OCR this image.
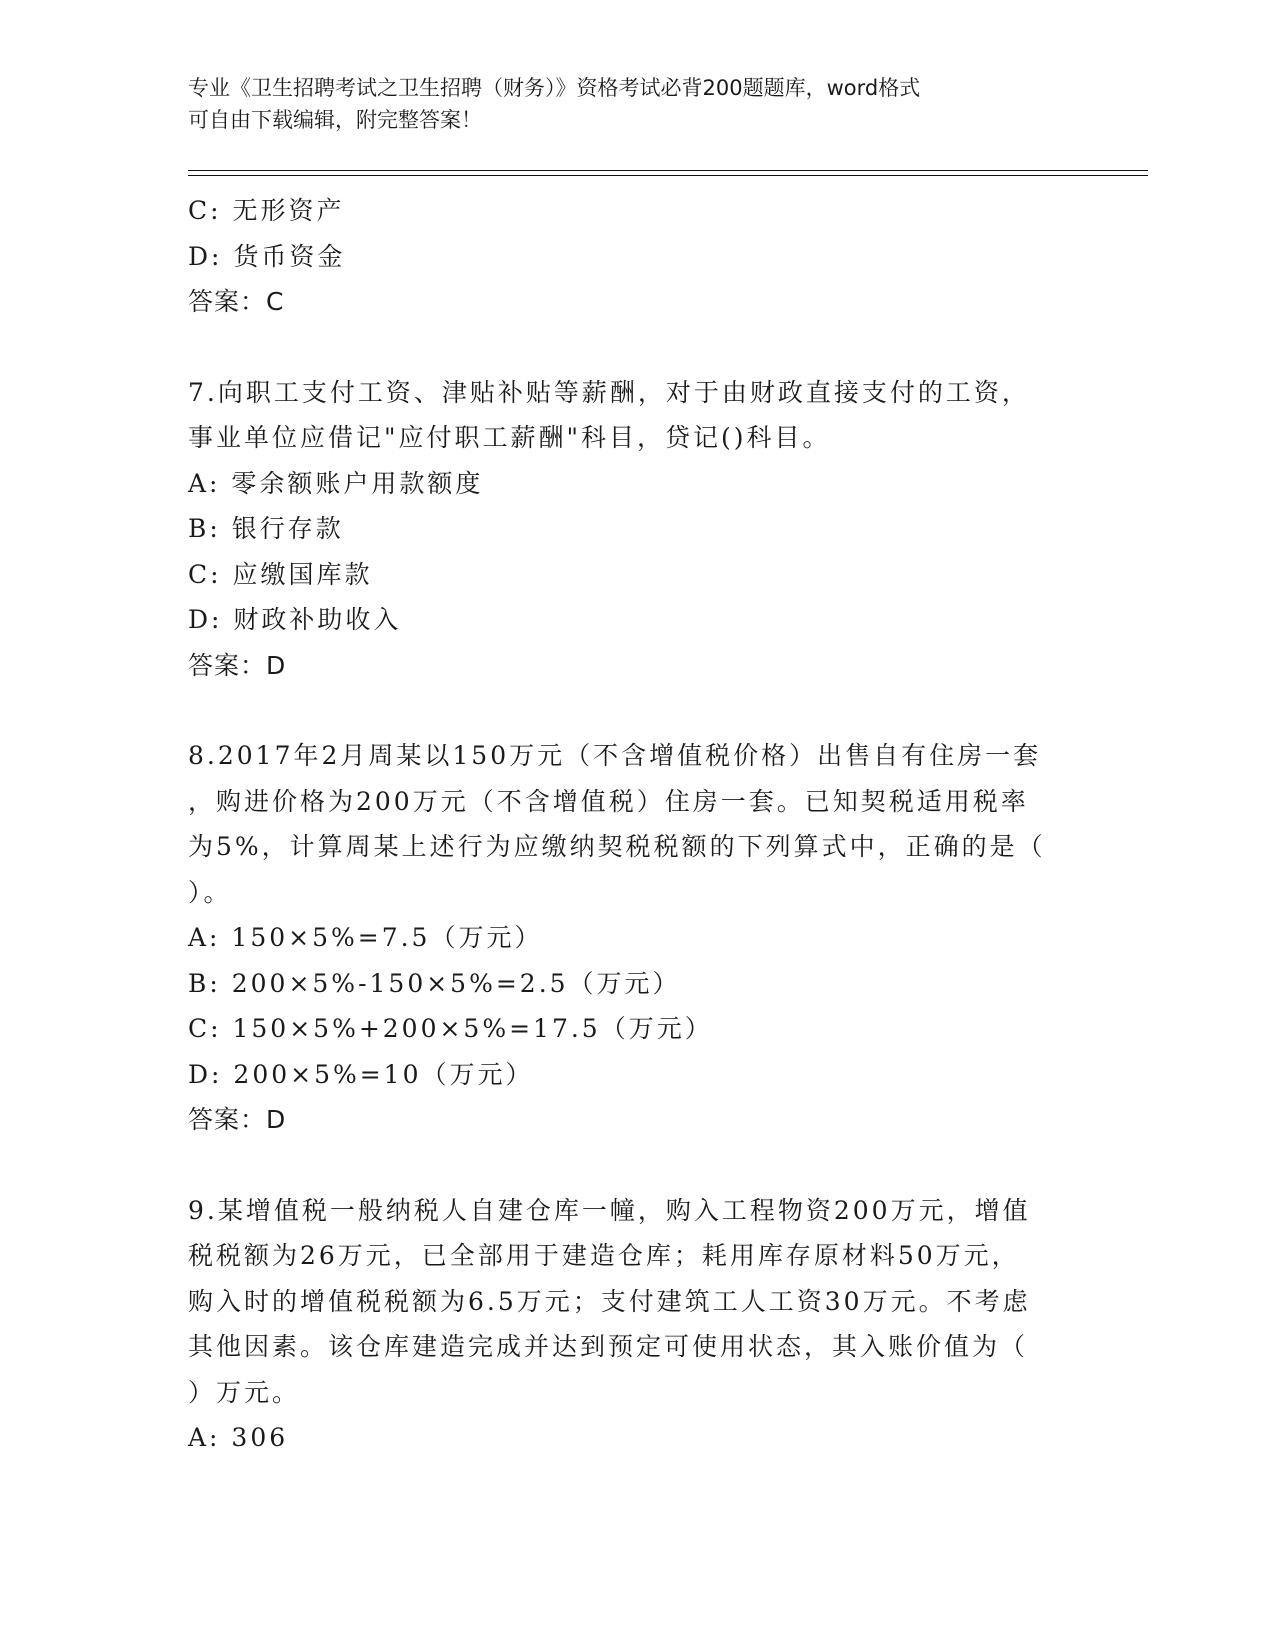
专业《卫生招聘考试之卫生招聘（财务）》资格考试必背200题题库，word格式
可自由下载编辑，附完整答案！
C: 无形资产
D: 货币资金
答案：C
7.向职工支付工资、津贴补贴等薪酬，对于由财政直接支付的工资，
事业单位应借记"应付职工薪酬"科目，贷记()科目。
A: 零余额账户用款额度
B: 银行存款
C: 应缴国库款
D: 财政补助收入
答案：D
8.2017年2月周某以150万元（不含增值税价格）出售自有住房一套
，购进价格为200万元（不含增值税）住房一套。已知契税适用税率
为5%，计算周某上述行为应缴纳契税税额的下列算式中，正确的是（
）。
A: 150×5%=7.5（万元）
B: 200×5%-150×5%=2.5（万元）
C: 150×5%+200×5%=17.5（万元）
D: 200×5%=10（万元）
答案：D
9.某增值税一般纳税人自建仓库一幢，购入工程物资200万元，增值
税税额为26万元，已全部用于建造仓库；耗用库存原材料50万元，
购入时的增值税税额为6.5万元；支付建筑工人工资30万元。不考虑
其他因素。该仓库建造完成并达到预定可使用状态，其入账价值为（
）万元。
A: 306
